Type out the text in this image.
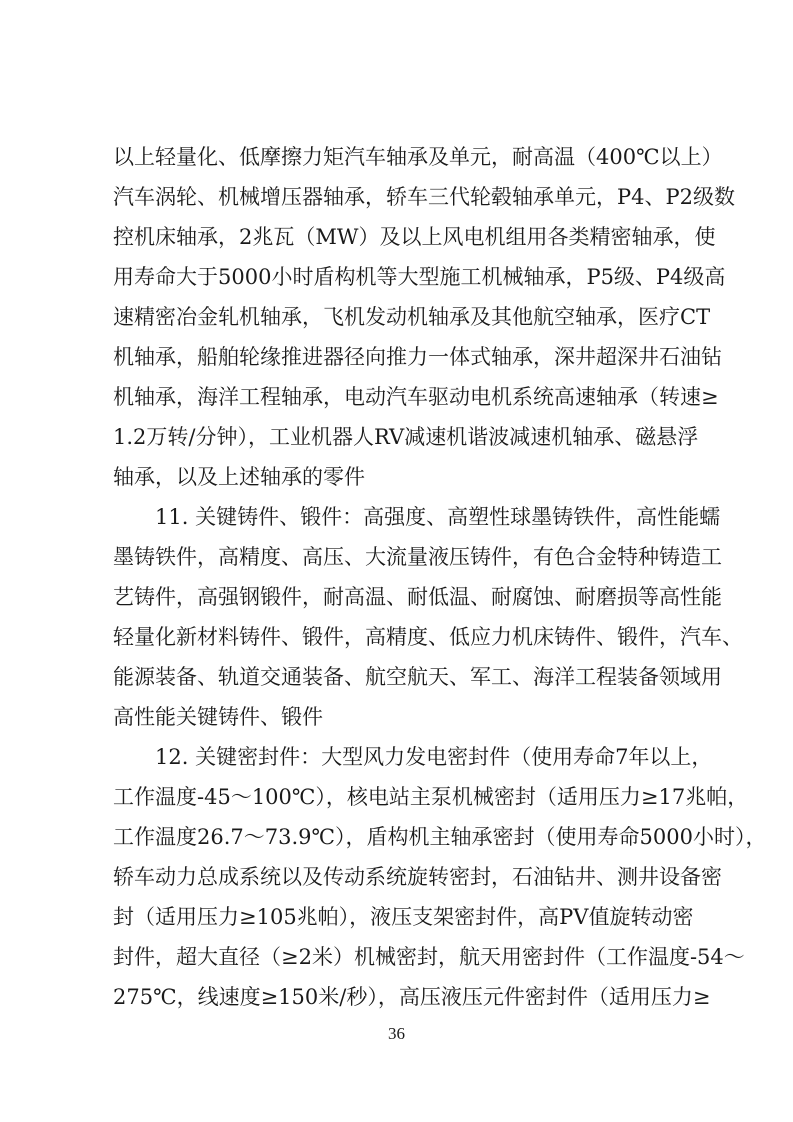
以上轻量化、低摩擦力矩汽车轴承及单元，耐高温（400℃以上）
汽车涡轮、机械增压器轴承，轿车三代轮毂轴承单元，P4、P2级数
控机床轴承，2兆瓦（MW）及以上风电机组用各类精密轴承，使
用寿命大于5000小时盾构机等大型施工机械轴承，P5级、P4级高
速精密冶金轧机轴承，飞机发动机轴承及其他航空轴承，医疗CT
机轴承，船舶轮缘推进器径向推力一体式轴承，深井超深井石油钻
机轴承，海洋工程轴承，电动汽车驱动电机系统高速轴承（转速≥
1.2万转/分钟），工业机器人RV减速机谐波减速机轴承、磁悬浮
轴承，以及上述轴承的零件
11. 关键铸件、锻件：高强度、高塑性球墨铸铁件，高性能蠕
墨铸铁件，高精度、高压、大流量液压铸件，有色合金特种铸造工
艺铸件，高强钢锻件，耐高温、耐低温、耐腐蚀、耐磨损等高性能
轻量化新材料铸件、锻件，高精度、低应力机床铸件、锻件，汽车、
能源装备、轨道交通装备、航空航天、军工、海洋工程装备领域用
高性能关键铸件、锻件
12. 关键密封件：大型风力发电密封件（使用寿命7年以上，
工作温度-45～100℃），核电站主泵机械密封（适用压力≥17兆帕，
工作温度26.7～73.9℃），盾构机主轴承密封（使用寿命5000小时），
轿车动力总成系统以及传动系统旋转密封，石油钻井、测井设备密
封（适用压力≥105兆帕），液压支架密封件，高PV值旋转动密
封件，超大直径（≥2米）机械密封，航天用密封件（工作温度-54～
275℃，线速度≥150米/秒），高压液压元件密封件（适用压力≥
36
